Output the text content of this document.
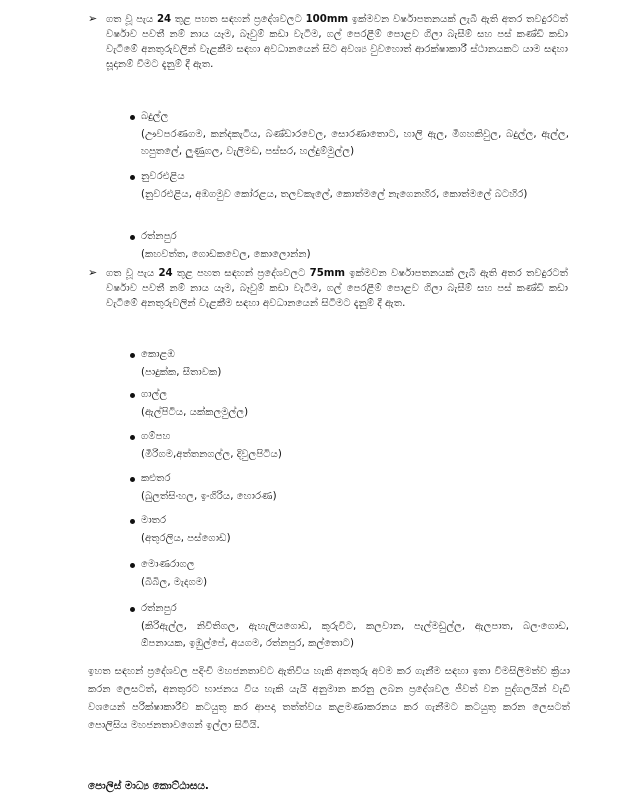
➢ ගත වූ පැය 24 තුළ පහත සඳහන් ප්‍රදේශවලට 100mm ඉක්මවන වර්ෂාපතනයක් ලැබී ඇති අතර තවදුරටත් වර්ෂාව පවතී නම් නාය යෑම, බෑවුම් කඩා වැටීම, ගල් පෙරළීම් පොළව ගිලා බැසීම් සහ පස් කණ්ඩි කඩා වැටීමේ අනතුරුවලින් වැළකීම සඳහා අවධානයෙන් සිට අවශ්‍ය වුවහොත් ආරක්ෂාකාරී ස්ථානයකට යාම සඳහා සූදානම් වීමට දැනුම් දී ඇත.
බදුල්ල
(ඌවපරණගම, කන්දකැටිය, බණ්ඩාරවෙල, සොරණාතොට, හාලි ඇල, මීගහකිවුල, බදුල්ල, ඇල්ල, හපුතලේ, ලුණුගල, වැලිමඩ, පස්සර, හල්දුම්මුල්ල)
නුවරඑළිය
(නුවරඑළිය, අඹගමුව කෝරළය, තලවකැලේ, කොත්මලේ නැගෙනහිර, කොත්මලේ බටහිර)
රත්නපුර
(කහවත්ත, ගොඩකවෙල, කොලොන්න)
➢ ගත වූ පැය 24 තුළ පහත සඳහන් ප්‍රදේශවලට 75mm ඉක්මවන වර්ෂාපතනයක් ලැබී ඇති අතර තවදුරටත් වර්ෂාව පවතී නම් නාය යෑම, බෑවුම් කඩා වැටීම, ගල් පෙරළීම් පොළව ගිලා බැසීම් සහ පස් කණ්ඩි කඩා වැටීමේ අනතුරුවලින් වැළකීම සඳහා අවධානයෙන් සිටීමට දැනුම් දී ඇත.
කොළඹ
(පාදුක්ක, සීතාවක)
ගාල්ල
(ඇල්පිටිය, යක්කලමුල්ල)
ගම්පහ
(මීරිගම,අත්තනගල්ල, දිවුලපිටිය)
කළුතර
(බුලත්සිංහල, ඉංගිරිය, හොරණ)
මාතර
(අතුරලිය, පස්ගොඩ)
මොණරාගල
(බිබිල, මැදගම)
රත්නපුර
(කිරිඇල්ල, නිවිතිගල, ඇහැලියගොඩ, කුරුවිට, කලවාන, පැල්මඩුල්ල, ඇලපාත, බලංගොඩ, ඕපනායක, ඉඹුල්පේ, අයගම, රත්නපුර, කල්තොට)
ඉහත සඳහන් ප්‍රදේශවල පදිංචි මහජනතාවට ඇතිවිය හැකි අනතුරු අවම කර ගැනීම සඳහා ඉතා විමසිලිමත්ව ක්‍රියා කරන ලෙසටත්, අනතුරට භාජනය විය හැකි යැයි අනුමාන කරනු ලබන ප්‍රදේශවල ජීවත් වන පුද්ගලයින් වැඩි වශයෙන් පරික්ෂාකාරීව කටයුතු කර ආපදා තත්ත්වය කළමණාකරනය කර ගැනීමට කටයුතු කරන ලෙසටත් පොලිසිය මහජනතාවගෙන් ඉල්ලා සිටියි.
පොලිස් මාධ්‍ය කොට්ඨාසය.
